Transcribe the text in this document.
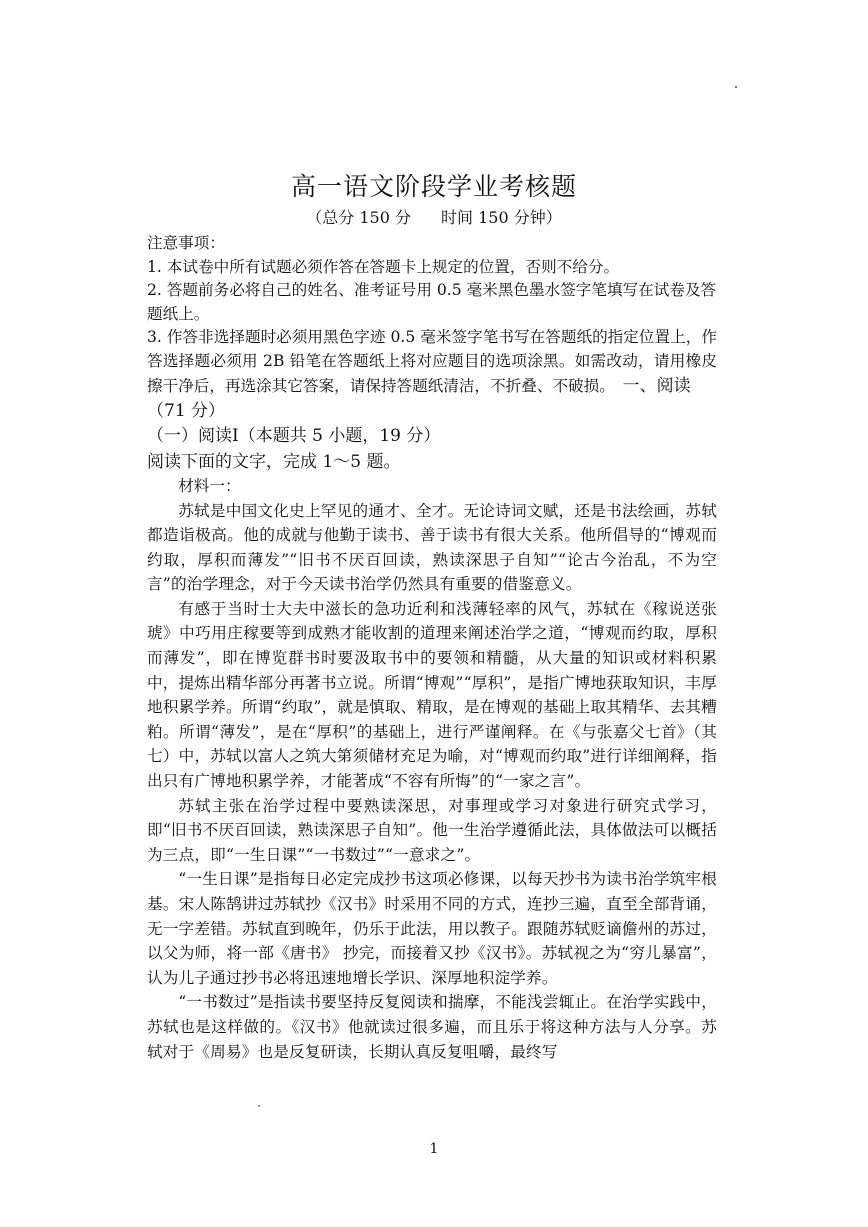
高一语文阶段学业考核题
（总分 150 分 时间 150 分钟）

注意事项：

1. 本试卷中所有试题必须作答在答题卡上规定的位置，否则不给分。

2. 答题前务必将自己的姓名、准考证号用 0.5 毫米黑色墨水签字笔填写在试卷及答题纸上。

3. 作答非选择题时必须用黑色字迹 0.5 毫米签字笔书写在答题纸的指定位置上，作答选择题必须用 2B 铅笔在答题纸上将对应题目的选项涂黑。如需改动，请用橡皮擦干净后，再选涂其它答案，请保持答题纸清洁，不折叠、不破损。　 一、阅读

（71 分）

（一）阅读Ⅰ（本题共 5 小题，19 分）

阅读下面的文字，完成 1～5 题。

材料一：

苏轼是中国文化史上罕见的通才、全才。无论诗词文赋，还是书法绘画，苏轼都造诣极高。他的成就与他勤于读书、善于读书有很大关系。他所倡导的“博观而约取，厚积而薄发”“旧书不厌百回读，熟读深思子自知”“论古今治乱，不为空言”的治学理念，对于今天读书治学仍然具有重要的借鉴意义。

有感于当时士大夫中滋长的急功近利和浅薄轻率的风气，苏轼在《稼说送张琥》中巧用庄稼要等到成熟才能收割的道理来阐述治学之道，“博观而约取，厚积而薄发”，即在博览群书时要汲取书中的要领和精髓，从大量的知识或材料积累中，提炼出精华部分再著书立说。所谓“博观”“厚积”，是指广博地获取知识，丰厚地积累学养。所谓“约取”，就是慎取、精取，是在博观的基础上取其精华、去其糟粕。所谓“薄发”，是在“厚积”的基础上，进行严谨阐释。在《与张嘉父七首》（其七）中，苏轼以富人之筑大第须储材充足为喻，对“博观而约取”进行详细阐释，指出只有广博地积累学养，才能著成“不容有所悔”的“一家之言”。

苏轼主张在治学过程中要熟读深思，对事理或学习对象进行研究式学习，即“旧书不厌百回读，熟读深思子自知”。他一生治学遵循此法，具体做法可以概括为三点，即“一生日课”“一书数过”“一意求之”。

“一生日课”是指每日必定完成抄书这项必修课，以每天抄书为读书治学筑牢根基。宋人陈鹄讲过苏轼抄《汉书》时采用不同的方式，连抄三遍，直至全部背诵，无一字差错。苏轼直到晚年，仍乐于此法，用以教子。跟随苏轼贬谪儋州的苏过，以父为师，将一部《唐书》 抄完，而接着又抄《汉书》。苏轼视之为“穷儿暴富”，认为儿子通过抄书必将迅速地增长学识、深厚地积淀学养。

“一书数过”是指读书要坚持反复阅读和揣摩，不能浅尝辄止。在治学实践中，苏轼也是这样做的。《汉书》他就读过很多遍，而且乐于将这种方法与人分享。苏轼对于《周易》也是反复研读，长期认真反复咀嚼，最终写

1
